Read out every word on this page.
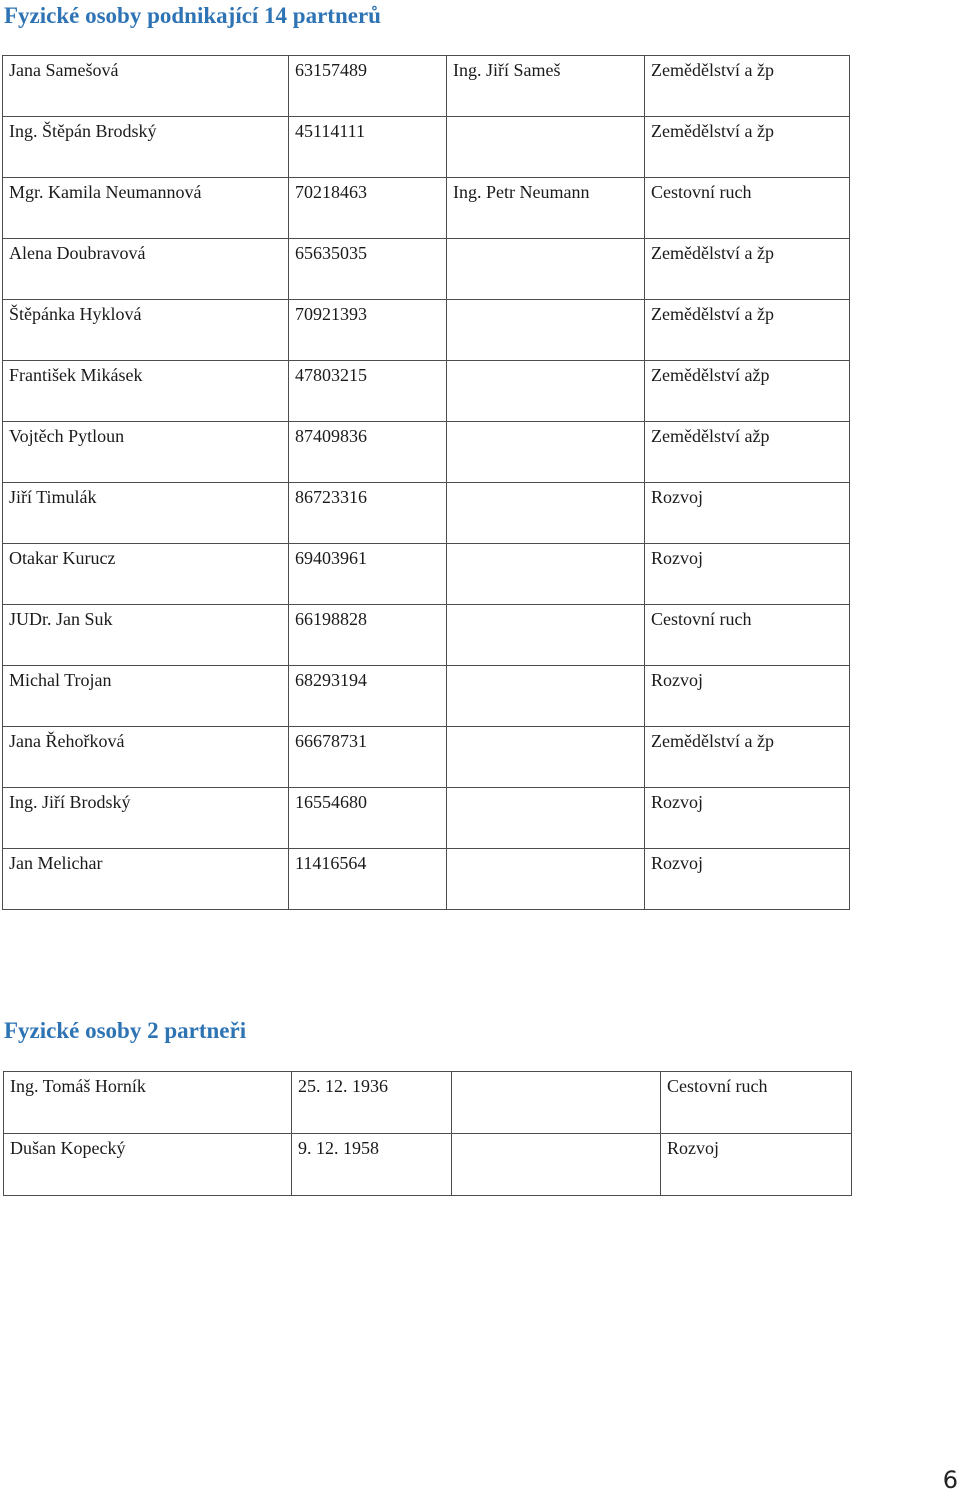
Fyzické osoby podnikající 14 partnerů
Jana Samešová	63157489	Ing. Jiří Sameš	Zemědělství a žp
Ing. Štěpán Brodský	45114111		Zemědělství a žp
Mgr. Kamila Neumannová	70218463	Ing. Petr Neumann	Cestovní ruch
Alena Doubravová	65635035		Zemědělství a žp
Štěpánka Hyklová	70921393		Zemědělství a žp
František Mikásek	47803215		Zemědělství ažp
Vojtěch Pytloun	87409836		Zemědělství ažp
Jiří Timulák	86723316		Rozvoj
Otakar Kurucz	69403961		Rozvoj
JUDr. Jan Suk	66198828		Cestovní ruch
Michal Trojan	68293194		Rozvoj
Jana Řehořková	66678731		Zemědělství a žp
Ing. Jiří Brodský	16554680		Rozvoj
Jan Melichar	11416564		Rozvoj
Fyzické osoby 2 partneři
Ing. Tomáš Horník	25. 12. 1936		Cestovní ruch
Dušan Kopecký	9. 12. 1958		Rozvoj
6
